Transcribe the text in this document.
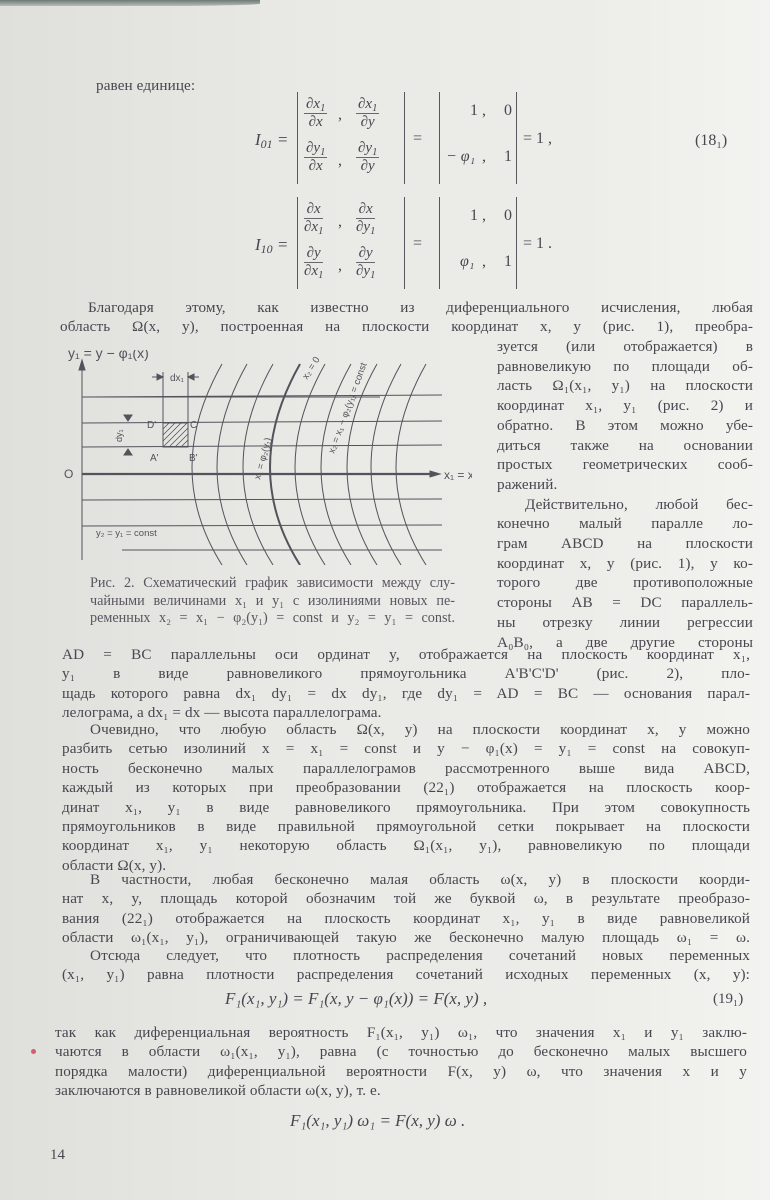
равен единице:
$I_{01}$ =
$\frac{\partial x_1}{\partial x}$ , $\frac{\partial x_1}{\partial y}$
$\frac{\partial y_1}{\partial x}$ , $\frac{\partial y_1}{\partial y}$
=
1 , 0
− φ₁ , 1
= 1 ,	(18₁)
$I_{10}$ =
$\frac{\partial x}{\partial x_1}$ , $\frac{\partial x}{\partial y_1}$
$\frac{\partial y}{\partial x_1}$ , $\frac{\partial y}{\partial y_1}$
=
1 , 0
φ₁ , 1
= 1 .
Благодаря этому, как известно из диференциального исчисления, любая
область Ω(x, y), построенная на плоскости координат x, y (рис. 1), преобра-
зуется (или отображается) в
равновеликую по площади об-
ласть Ω₁(x₁, y₁) на плоскости
координат x₁, y₁ (рис. 2) и
обратно. В этом можно убе-
диться также на основании
простых геометрических сооб-
ражений.
Действительно, любой бес-
конечно малый паралле ло-
грам ABCD на плоскости
координат x, y (рис. 1), у ко-
торого две противоположные
стороны AB = DC параллель-
ны отрезку линии регрессии
A₀B₀, а две другие стороны
y₁ = y − φ₁(x)
dx₁
D'	C'
A'	B'
O	x₁ = x
y₂ = y₁ = const
dy₁
x₁ = φ₂(y₁)
x₂ = 0 x₂ = x₁ − φ₂(y₁) = const
Рис. 2. Схематический график зависимости между слу-
чайными величинами x₁ и y₁ с изолиниями новых пе-
ременных x₂ = x₁ − φ₂(y₁) = const и y₂ = y₁ = const.
AD = BC параллельны оси ординат y, отображается на плоскость координат x₁,
y₁ в виде равновеликого прямоугольника A'B'C'D' (рис. 2), пло-
щадь которого равна dx₁ dy₁ = dx dy₁, где dy₁ = AD = BC — основания парал-
лелограма, а dx₁ = dx — высота параллелограма.
Очевидно, что любую область Ω(x, y) на плоскости координат x, y можно
разбить сетью изолиний x = x₁ = const и y − φ₁(x) = y₁ = const на совокуп-
ность бесконечно малых параллелограмов рассмотренного выше вида ABCD,
каждый из которых при преобразовании (22₁) отображается на плоскость коор-
динат x₁, y₁ в виде равновеликого прямоугольника. При этом совокупность
прямоугольников в виде правильной прямоугольной сетки покрывает на плоскости
координат x₁, y₁ некоторую область Ω₁(x₁, y₁), равновеликую по площади
области Ω(x, y).
В частности, любая бесконечно малая область ω(x, y) в плоскости коорди-
нат x, y, площадь которой обозначим той же буквой ω, в результате преобразо-
вания (22₁) отображается на плоскость координат x₁, y₁ в виде равновеликой
области ω₁(x₁, y₁), ограничивающей такую же бесконечно малую площадь ω₁ = ω.
Отсюда следует, что плотность распределения сочетаний новых переменных
(x₁, y₁) равна плотности распределения сочетаний исходных переменных (x, y):
F₁(x₁, y₁) = F₁(x, y − φ₁(x)) = F(x, y) ,	(19₁)
так как диференциальная вероятность F₁(x₁, y₁) ω₁, что значения x₁ и y₁ заклю-
чаются в области ω₁(x₁, y₁), равна (с точностью до бесконечно малых высшего
порядка малости) диференциальной вероятности F(x, y) ω, что значения x и y
заключаются в равновеликой области ω(x, y), т. е.
F₁(x₁, y₁) ω₁ = F(x, y) ω .
14
